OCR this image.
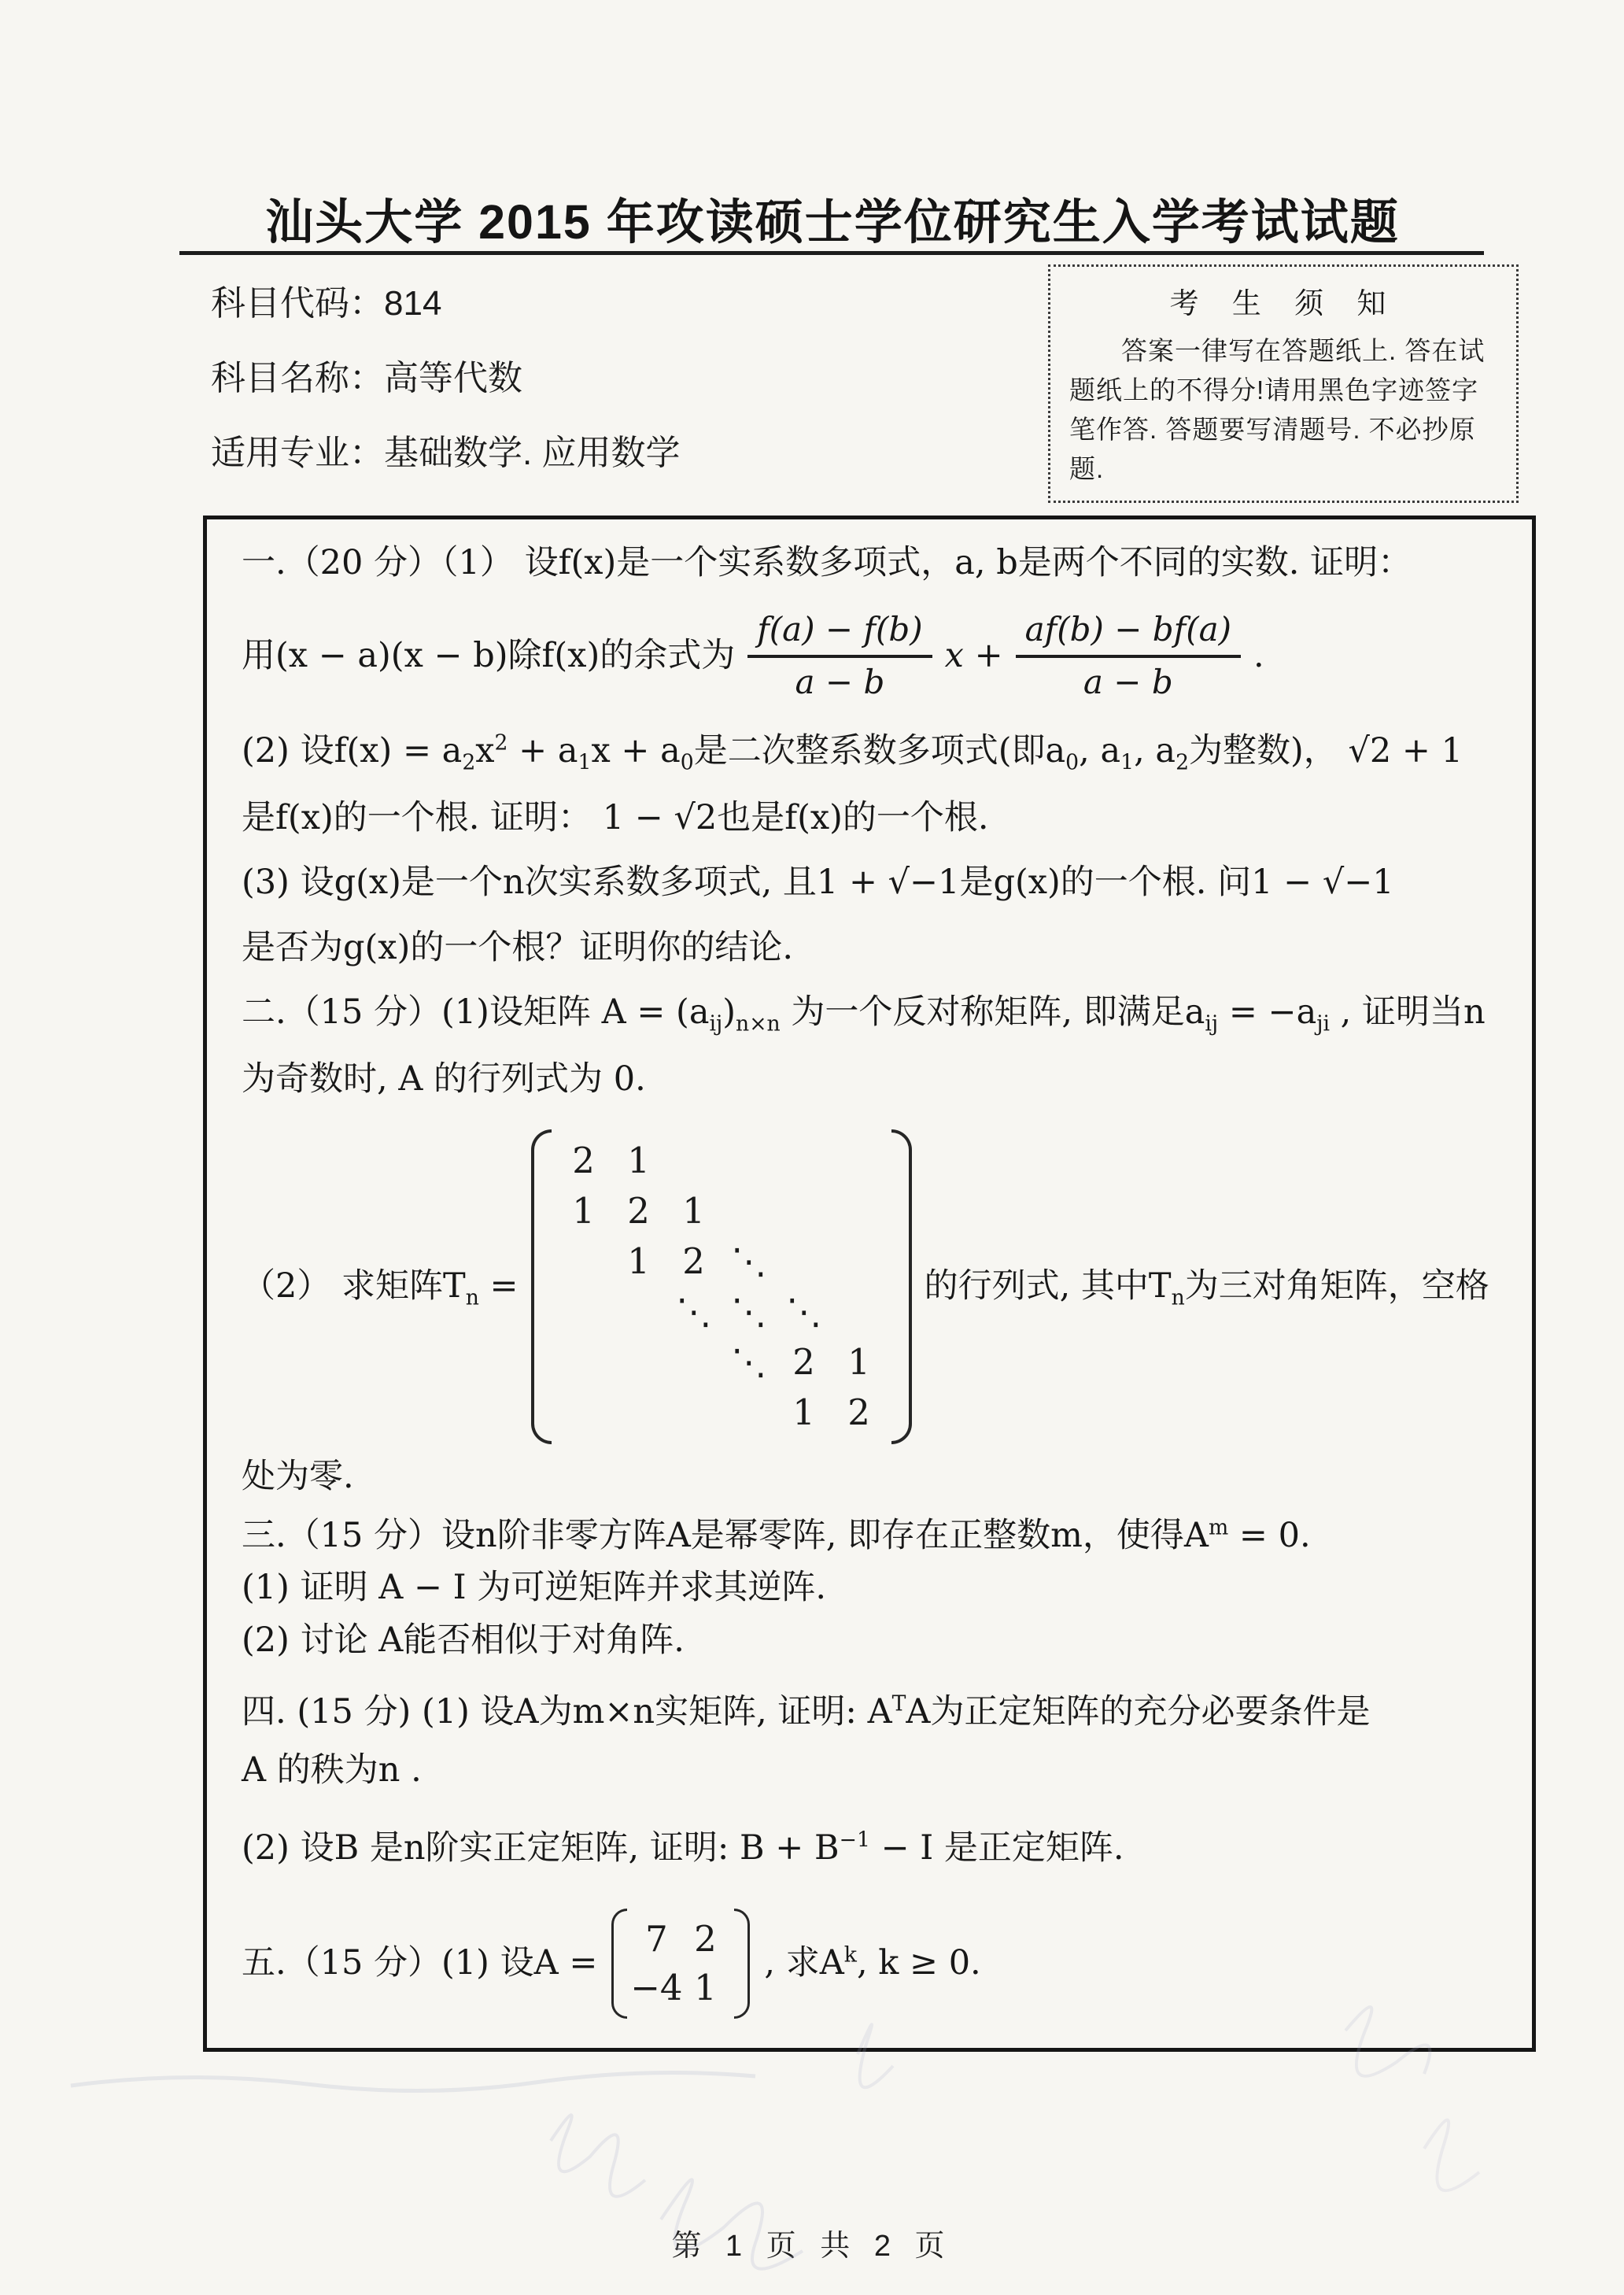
汕头大学 2015 年攻读硕士学位研究生入学考试试题
科目代码：814
科目名称：高等代数
适用专业：基础数学. 应用数学
考 生 须 知
答案一律写在答题纸上. 答在试题纸上的不得分!请用黑色字迹签字笔作答. 答题要写清题号. 不必抄原题.

一.（20 分）（1） 设f(x)是一个实系数多项式，a, b是两个不同的实数. 证明：

用(x − a)(x − b)除f(x)的余式为 $\frac{f(a) - f(b)}{a - b}$ $x + \frac{af(b) - bf(a)}{a - b}$ .

(2) 设$f(x) = a_2x^2 + a_1x + a_0$是二次整系数多项式(即$a_0$, $a_1$, $a_2$为整数)， √2 + 1

是f(x)的一个根. 证明： 1 − √2也是f(x)的一个根.

(3) 设g(x)是一个n次实系数多项式, 且1 + √−1是g(x)的一个根. 问1 − √−1

是否为g(x)的一个根？证明你的结论.

二.（15 分）(1)设矩阵 $A = (a_{ij})_{n\times n}$ 为一个反对称矩阵, 即满足$a_{ij} = -a_{ji}$ , 证明当n

为奇数时, A 的行列式为 0.

（2） 求矩阵$T_n$ =
2 1
1 2 1
1 2 ⋱
⋱ ⋱ ⋱
⋱ 2 1
1 2
的行列式, 其中$T_n$为三对角矩阵，空格

处为零.

三.（15 分）设n阶非零方阵A是幂零阵, 即存在正整数m，使得$A^m = 0$.

(1) 证明 A − I 为可逆矩阵并求其逆阵.

(2) 讨论 A能否相似于对角阵.

四. (15 分) (1) 设A为m×n实矩阵, 证明: $A^TA$为正定矩阵的充分必要条件是

A 的秩为n .

(2) 设B 是n阶实正定矩阵, 证明: $B + B^{-1} - I$ 是正定矩阵.

五.（15 分）(1) 设A =
7 2
−4 1
, 求$A^k$, k ≥ 0.
第 1 页 共 2 页
